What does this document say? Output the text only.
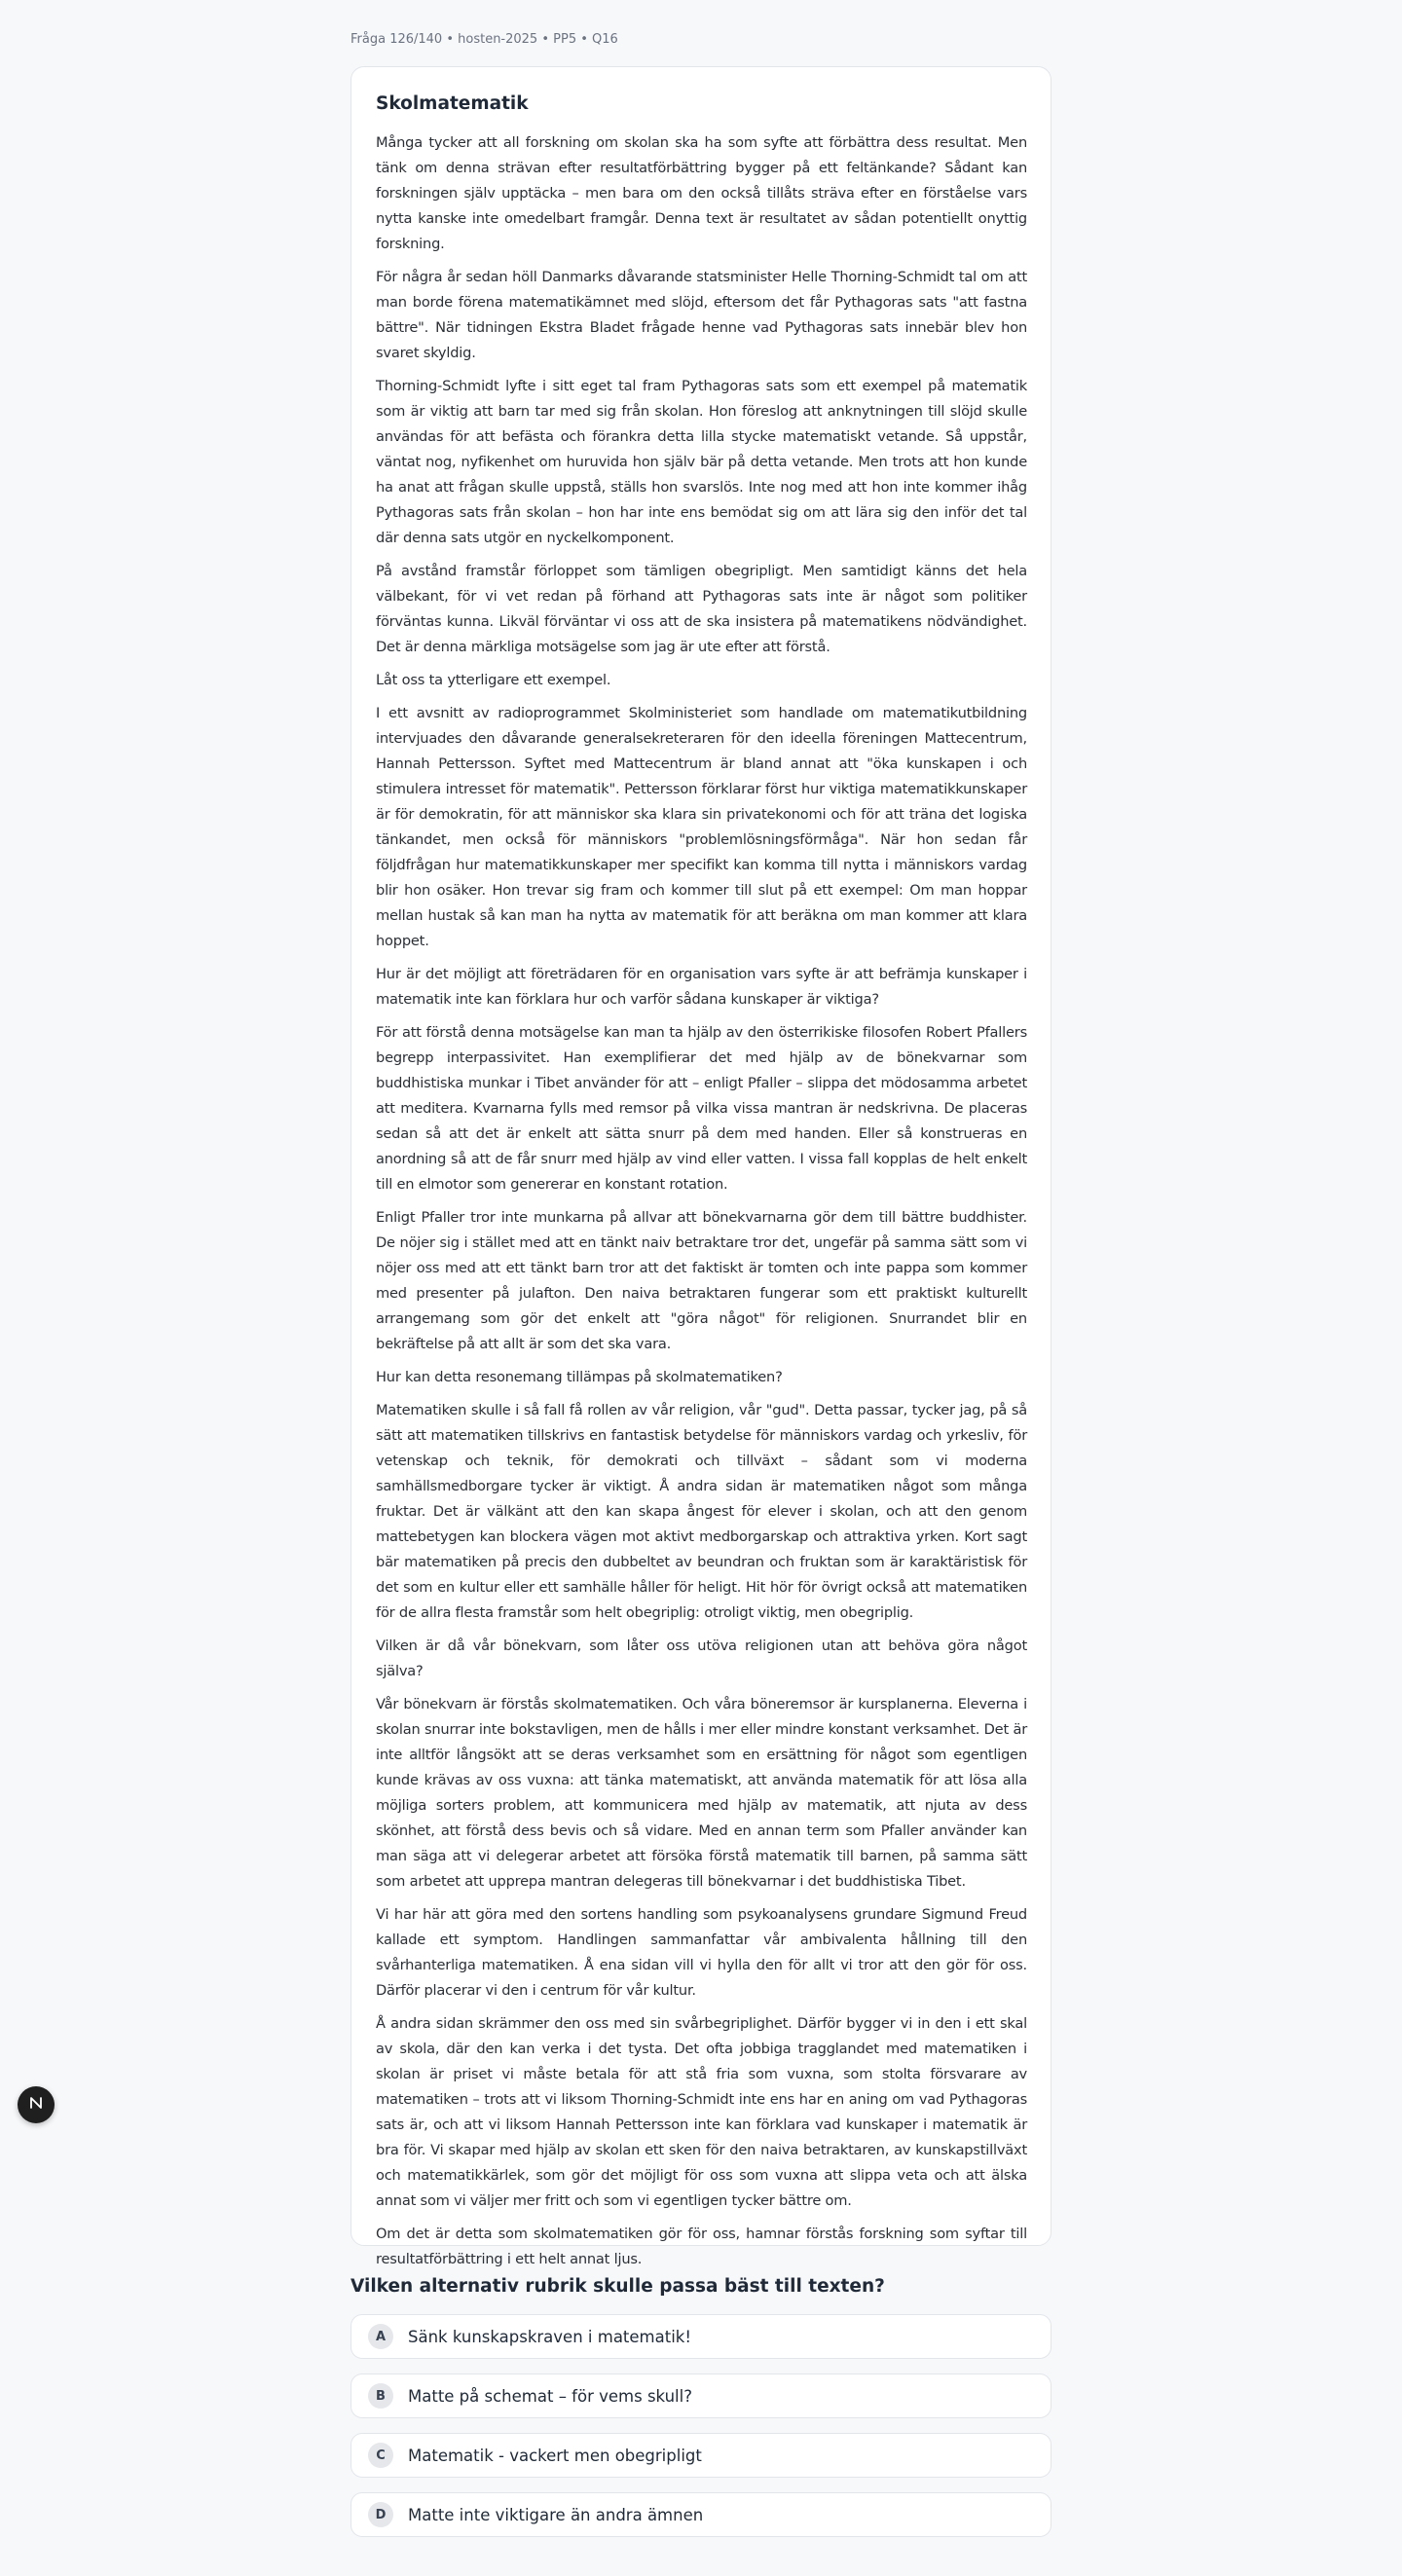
Fråga 126/140 • hosten-2025 • PP5 • Q16
Skolmatematik

Många tycker att all forskning om skolan ska ha som syfte att förbättra dess resultat. Men tänk om denna strävan efter resultatförbättring bygger på ett feltänkande? Sådant kan forskningen själv upptäcka – men bara om den också tillåts sträva efter en förståelse vars nytta kanske inte omedelbart framgår. Denna text är resultatet av sådan potentiellt onyttig forskning.

För några år sedan höll Danmarks dåvarande statsminister Helle Thorning-Schmidt tal om att man borde förena matematikämnet med slöjd, eftersom det får Pythagoras sats "att fastna bättre". När tidningen Ekstra Bladet frågade henne vad Pythagoras sats innebär blev hon svaret skyldig.

Thorning-Schmidt lyfte i sitt eget tal fram Pythagoras sats som ett exempel på matematik som är viktig att barn tar med sig från skolan. Hon föreslog att anknytningen till slöjd skulle användas för att befästa och förankra detta lilla stycke matematiskt vetande. Så uppstår, väntat nog, nyfikenhet om huruvida hon själv bär på detta vetande. Men trots att hon kunde ha anat att frågan skulle uppstå, ställs hon svarslös. Inte nog med att hon inte kommer ihåg Pythagoras sats från skolan – hon har inte ens bemödat sig om att lära sig den inför det tal där denna sats utgör en nyckelkomponent.

På avstånd framstår förloppet som tämligen obegripligt. Men samtidigt känns det hela välbekant, för vi vet redan på förhand att Pythagoras sats inte är något som politiker förväntas kunna. Likväl förväntar vi oss att de ska insistera på matematikens nödvändighet. Det är denna märkliga motsägelse som jag är ute efter att förstå.

Låt oss ta ytterligare ett exempel.

I ett avsnitt av radioprogrammet Skolministeriet som handlade om matematikutbildning intervjuades den dåvarande generalsekreteraren för den ideella föreningen Mattecentrum, Hannah Pettersson. Syftet med Mattecentrum är bland annat att "öka kunskapen i och stimulera intresset för matematik". Pettersson förklarar först hur viktiga matematikkunskaper är för demokratin, för att människor ska klara sin privatekonomi och för att träna det logiska tänkandet, men också för människors "problemlösningsförmåga". När hon sedan får följdfrågan hur matematikkunskaper mer specifikt kan komma till nytta i människors vardag blir hon osäker. Hon trevar sig fram och kommer till slut på ett exempel: Om man hoppar mellan hustak så kan man ha nytta av matematik för att beräkna om man kommer att klara hoppet.

Hur är det möjligt att företrädaren för en organisation vars syfte är att befrämja kunskaper i matematik inte kan förklara hur och varför sådana kunskaper är viktiga?

För att förstå denna motsägelse kan man ta hjälp av den österrikiske filosofen Robert Pfallers begrepp interpassivitet. Han exemplifierar det med hjälp av de bönekvarnar som buddhistiska munkar i Tibet använder för att – enligt Pfaller – slippa det mödosamma arbetet att meditera. Kvarnarna fylls med remsor på vilka vissa mantran är nedskrivna. De placeras sedan så att det är enkelt att sätta snurr på dem med handen. Eller så konstrueras en anordning så att de får snurr med hjälp av vind eller vatten. I vissa fall kopplas de helt enkelt till en elmotor som genererar en konstant rotation.

Enligt Pfaller tror inte munkarna på allvar att bönekvarnarna gör dem till bättre buddhister. De nöjer sig i stället med att en tänkt naiv betraktare tror det, ungefär på samma sätt som vi nöjer oss med att ett tänkt barn tror att det faktiskt är tomten och inte pappa som kommer med presenter på julafton. Den naiva betraktaren fungerar som ett praktiskt kulturellt arrangemang som gör det enkelt att "göra något" för religionen. Snurrandet blir en bekräftelse på att allt är som det ska vara.

Hur kan detta resonemang tillämpas på skolmatematiken?

Matematiken skulle i så fall få rollen av vår religion, vår "gud". Detta passar, tycker jag, på så sätt att matematiken tillskrivs en fantastisk betydelse för människors vardag och yrkesliv, för vetenskap och teknik, för demokrati och tillväxt – sådant som vi moderna samhällsmedborgare tycker är viktigt. Å andra sidan är matematiken något som många fruktar. Det är välkänt att den kan skapa ångest för elever i skolan, och att den genom mattebetygen kan blockera vägen mot aktivt medborgarskap och attraktiva yrken. Kort sagt bär matematiken på precis den dubbeltet av beundran och fruktan som är karaktäristisk för det som en kultur eller ett samhälle håller för heligt. Hit hör för övrigt också att matematiken för de allra flesta framstår som helt obegriplig: otroligt viktig, men obegriplig.

Vilken är då vår bönekvarn, som låter oss utöva religionen utan att behöva göra något själva?

Vår bönekvarn är förstås skolmatematiken. Och våra böneremsor är kursplanerna. Eleverna i skolan snurrar inte bokstavligen, men de hålls i mer eller mindre konstant verksamhet. Det är inte alltför långsökt att se deras verksamhet som en ersättning för något som egentligen kunde krävas av oss vuxna: att tänka matematiskt, att använda matematik för att lösa alla möjliga sorters problem, att kommunicera med hjälp av matematik, att njuta av dess skönhet, att förstå dess bevis och så vidare. Med en annan term som Pfaller använder kan man säga att vi delegerar arbetet att försöka förstå matematik till barnen, på samma sätt som arbetet att upprepa mantran delegeras till bönekvarnar i det buddhistiska Tibet.

Vi har här att göra med den sortens handling som psykoanalysens grundare Sigmund Freud kallade ett symptom. Handlingen sammanfattar vår ambivalenta hållning till den svårhanterliga matematiken. Å ena sidan vill vi hylla den för allt vi tror att den gör för oss. Därför placerar vi den i centrum för vår kultur.

Å andra sidan skrämmer den oss med sin svårbegriplighet. Därför bygger vi in den i ett skal av skola, där den kan verka i det tysta. Det ofta jobbiga tragglandet med matematiken i skolan är priset vi måste betala för att stå fria som vuxna, som stolta försvarare av matematiken – trots att vi liksom Thorning-Schmidt inte ens har en aning om vad Pythagoras sats är, och att vi liksom Hannah Pettersson inte kan förklara vad kunskaper i matematik är bra för. Vi skapar med hjälp av skolan ett sken för den naiva betraktaren, av kunskapstillväxt och matematikkärlek, som gör det möjligt för oss som vuxna att slippa veta och att älska annat som vi väljer mer fritt och som vi egentligen tycker bättre om.

Om det är detta som skolmatematiken gör för oss, hamnar förstås forskning som syftar till resultatförbättring i ett helt annat ljus.

Vilken alternativ rubrik skulle passa bäst till texten?
A	Sänk kunskapskraven i matematik!
B	Matte på schemat – för vems skull?
C	Matematik - vackert men obegripligt
D	Matte inte viktigare än andra ämnen
